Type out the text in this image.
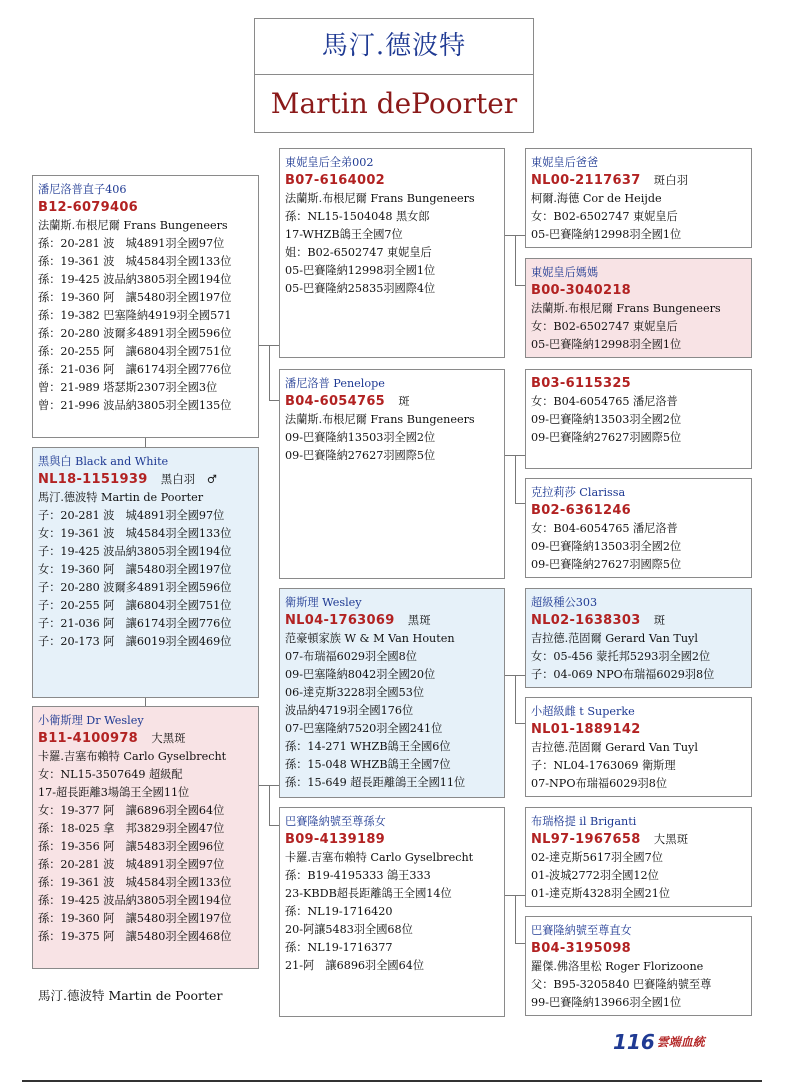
馬汀.德波特
Martin dePoorter
潘尼洛普直子406
B12-6079406
法蘭斯.布根尼爾 Frans Bungeneers
孫：20-281 波　城4891羽全國97位
孫：19-361 波　城4584羽全國133位
孫：19-425 波品納3805羽全國194位
孫：19-360 阿　讓5480羽全國197位
孫：19-382 巴塞隆納4919羽全國571
孫：20-280 波爾多4891羽全國596位
孫：20-255 阿　讓6804羽全國751位
孫：21-036 阿　讓6174羽全國776位
曾：21-989 塔瑟斯2307羽全國3位
曾：21-996 波品納3805羽全國135位
黑與白 Black and White
NL18-1151939　 黑白羽　♂
馬汀.德波特 Martin de Poorter
子：20-281 波　城4891羽全國97位
女：19-361 波　城4584羽全國133位
子：19-425 波品納3805羽全國194位
女：19-360 阿　讓5480羽全國197位
子：20-280 波爾多4891羽全國596位
子：20-255 阿　讓6804羽全國751位
子：21-036 阿　讓6174羽全國776位
子：20-173 阿　讓6019羽全國469位
小衛斯理 Dr Wesley
B11-4100978　 大黑斑
卡羅.吉塞布賴特 Carlo Gyselbrecht
女：NL15-3507649 超級配
17-超長距離3場鴿王全國11位
女：19-377 阿　讓6896羽全國64位
孫：18-025 拿　邦3829羽全國47位
孫：19-356 阿　讓5483羽全國96位
孫：20-281 波　城4891羽全國97位
孫：19-361 波　城4584羽全國133位
孫：19-425 波品納3805羽全國194位
孫：19-360 阿　讓5480羽全國197位
孫：19-375 阿　讓5480羽全國468位
東妮皇后全弟002
B07-6164002
法蘭斯.布根尼爾 Frans Bungeneers
孫：NL15-1504048 黑女郎
17-WHZB鴿王全國7位
姐：B02-6502747 東妮皇后
05-巴賽隆納12998羽全國1位
05-巴賽隆納25835羽國際4位
潘尼洛普 Penelope
B04-6054765　 斑
法蘭斯.布根尼爾 Frans Bungeneers
09-巴賽隆納13503羽全國2位
09-巴賽隆納27627羽國際5位
衛斯理 Wesley
NL04-1763069　 黑斑
范豪頓家族 W & M Van Houten
07-布瑞福6029羽全國8位
09-巴塞隆納8042羽全國20位
06-達克斯3228羽全國53位
波品納4719羽全國176位
07-巴塞隆納7520羽全國241位
孫：14-271 WHZB鴿王全國6位
孫：15-048 WHZB鴿王全國7位
孫：15-649 超長距離鴿王全國11位
巴賽隆納號至尊孫女
B09-4139189
卡羅.吉塞布賴特 Carlo Gyselbrecht
孫：B19-4195333 鴿王333
23-KBDB超長距離鴿王全國14位
孫：NL19-1716420
20-阿讓5483羽全國68位
孫：NL19-1716377
21-阿　讓6896羽全國64位
東妮皇后爸爸
NL00-2117637　 斑白羽
柯爾.海德 Cor de Heijde
女：B02-6502747 東妮皇后
05-巴賽隆納12998羽全國1位
東妮皇后媽媽
B00-3040218
法蘭斯.布根尼爾 Frans Bungeneers
女：B02-6502747 東妮皇后
05-巴賽隆納12998羽全國1位
B03-6115325
女：B04-6054765 潘尼洛普
09-巴賽隆納13503羽全國2位
09-巴賽隆納27627羽國際5位
克拉莉莎 Clarissa
B02-6361246
女：B04-6054765 潘尼洛普
09-巴賽隆納13503羽全國2位
09-巴賽隆納27627羽國際5位
超級種公303
NL02-1638303　 斑
吉拉德.范固爾 Gerard Van Tuyl
女：05-456 蒙托邦5293羽全國2位
子：04-069 NPO布瑞福6029羽8位
小超級雌 t Superke
NL01-1889142
吉拉德.范固爾 Gerard Van Tuyl
子：NL04-1763069 衛斯理
07-NPO布瑞福6029羽8位
布瑞格提 il Briganti
NL97-1967658　 大黑斑
02-達克斯5617羽全國7位
01-波城2772羽全國12位
01-達克斯4328羽全國21位
巴賽隆納號至尊直女
B04-3195098
羅傑.佛洛里松 Roger Florizoone
父：B95-3205840 巴賽隆納號至尊
99-巴賽隆納13966羽全國1位
馬汀.德波特 Martin de Poorter
116 雲端血統
